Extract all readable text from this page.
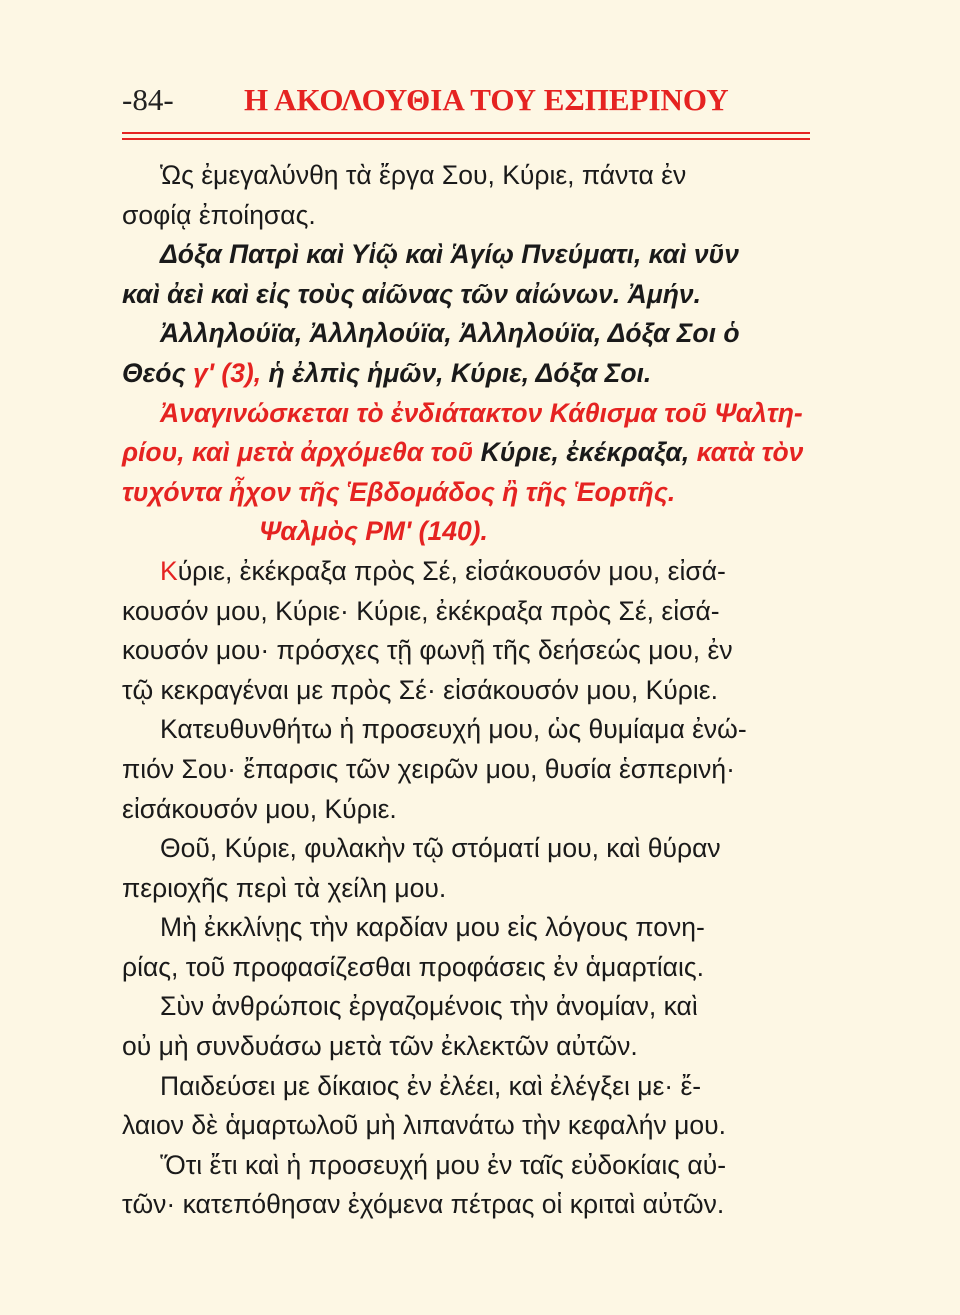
-84- Η ΑΚΟΛΟΥΘΙΑ ΤΟΥ ΕΣΠΕΡΙΝΟΥ
Ὡς ἐμεγαλύνθη τὰ ἔργα Σου, Κύριε, πάντα ἐν
σοφίᾳ ἐποίησας.
Δόξα Πατρὶ καὶ Υἱῷ καὶ Ἁγίῳ Πνεύματι, καὶ νῦν
καὶ ἀεὶ καὶ εἰς τοὺς αἰῶνας τῶν αἰώνων. Ἀμήν.
Ἀλληλούϊα, Ἀλληλούϊα, Ἀλληλούϊα, Δόξα Σοι ὁ
Θεός γ' (3), ἡ ἐλπὶς ἡμῶν, Κύριε, Δόξα Σοι.
Ἀναγινώσκεται τὸ ἐνδιάτακτον Κάθισμα τοῦ Ψαλτη-
ρίου, καὶ μετὰ ἀρχόμεθα τοῦ Κύριε, ἐκέκραξα, κατὰ τὸν
τυχόντα ἦχον τῆς Ἑβδομάδος ἢ τῆς Ἑορτῆς.
Ψαλμὸς ΡΜ' (140).
Κύριε, ἐκέκραξα πρὸς Σέ, εἰσάκουσόν μου, εἰσά-
κουσόν μου, Κύριε· Κύριε, ἐκέκραξα πρὸς Σέ, εἰσά-
κουσόν μου· πρόσχες τῇ φωνῇ τῆς δεήσεώς μου, ἐν
τῷ κεκραγέναι με πρὸς Σέ· εἰσάκουσόν μου, Κύριε.
Κατευθυνθήτω ἡ προσευχή μου, ὡς θυμίαμα ἐνώ-
πιόν Σου· ἔπαρσις τῶν χειρῶν μου, θυσία ἑσπερινή·
εἰσάκουσόν μου, Κύριε.
Θοῦ, Κύριε, φυλακὴν τῷ στόματί μου, καὶ θύραν
περιοχῆς περὶ τὰ χείλη μου.
Μὴ ἐκκλίνῃς τὴν καρδίαν μου εἰς λόγους πονη-
ρίας, τοῦ προφασίζεσθαι προφάσεις ἐν ἁμαρτίαις.
Σὺν ἀνθρώποις ἐργαζομένοις τὴν ἀνομίαν, καὶ
οὐ μὴ συνδυάσω μετὰ τῶν ἐκλεκτῶν αὐτῶν.
Παιδεύσει με δίκαιος ἐν ἐλέει, καὶ ἐλέγξει με· ἔ-
λαιον δὲ ἁμαρτωλοῦ μὴ λιπανάτω τὴν κεφαλήν μου.
Ὅτι ἔτι καὶ ἡ προσευχή μου ἐν ταῖς εὐδοκίαις αὐ-
τῶν· κατεπόθησαν ἐχόμενα πέτρας οἱ κριταὶ αὐτῶν.
